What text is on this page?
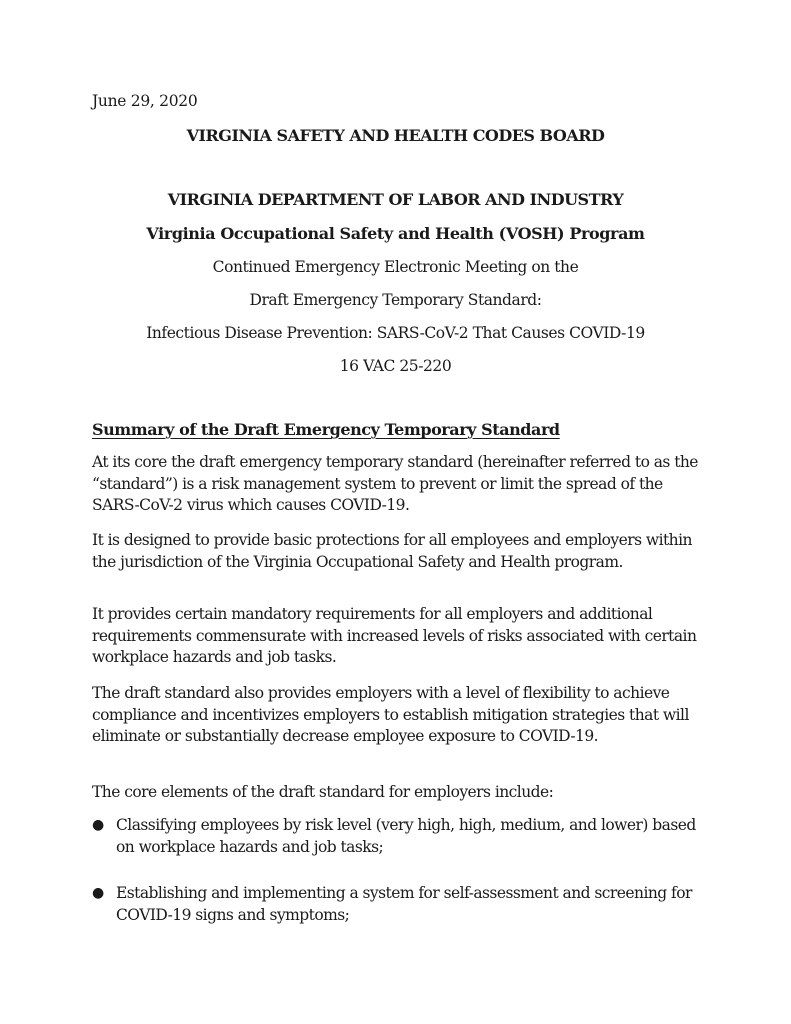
June 29, 2020
VIRGINIA SAFETY AND HEALTH CODES BOARD
VIRGINIA DEPARTMENT OF LABOR AND INDUSTRY
Virginia Occupational Safety and Health (VOSH) Program
Continued Emergency Electronic Meeting on the
Draft Emergency Temporary Standard:
Infectious Disease Prevention: SARS-CoV-2 That Causes COVID-19
16 VAC 25-220
Summary of the Draft Emergency Temporary Standard

At its core the draft emergency temporary standard (hereinafter referred to as the “standard”) is a risk management system to prevent or limit the spread of the SARS-CoV-2 virus which causes COVID-19.

It is designed to provide basic protections for all employees and employers within the jurisdiction of the Virginia Occupational Safety and Health program.

It provides certain mandatory requirements for all employers and additional requirements commensurate with increased levels of risks associated with certain workplace hazards and job tasks.

The draft standard also provides employers with a level of flexibility to achieve compliance and incentivizes employers to establish mitigation strategies that will eliminate or substantially decrease employee exposure to COVID-19.

The core elements of the draft standard for employers include:

● Classifying employees by risk level (very high, high, medium, and lower) based on workplace hazards and job tasks;
● Establishing and implementing a system for self-assessment and screening for COVID-19 signs and symptoms;
